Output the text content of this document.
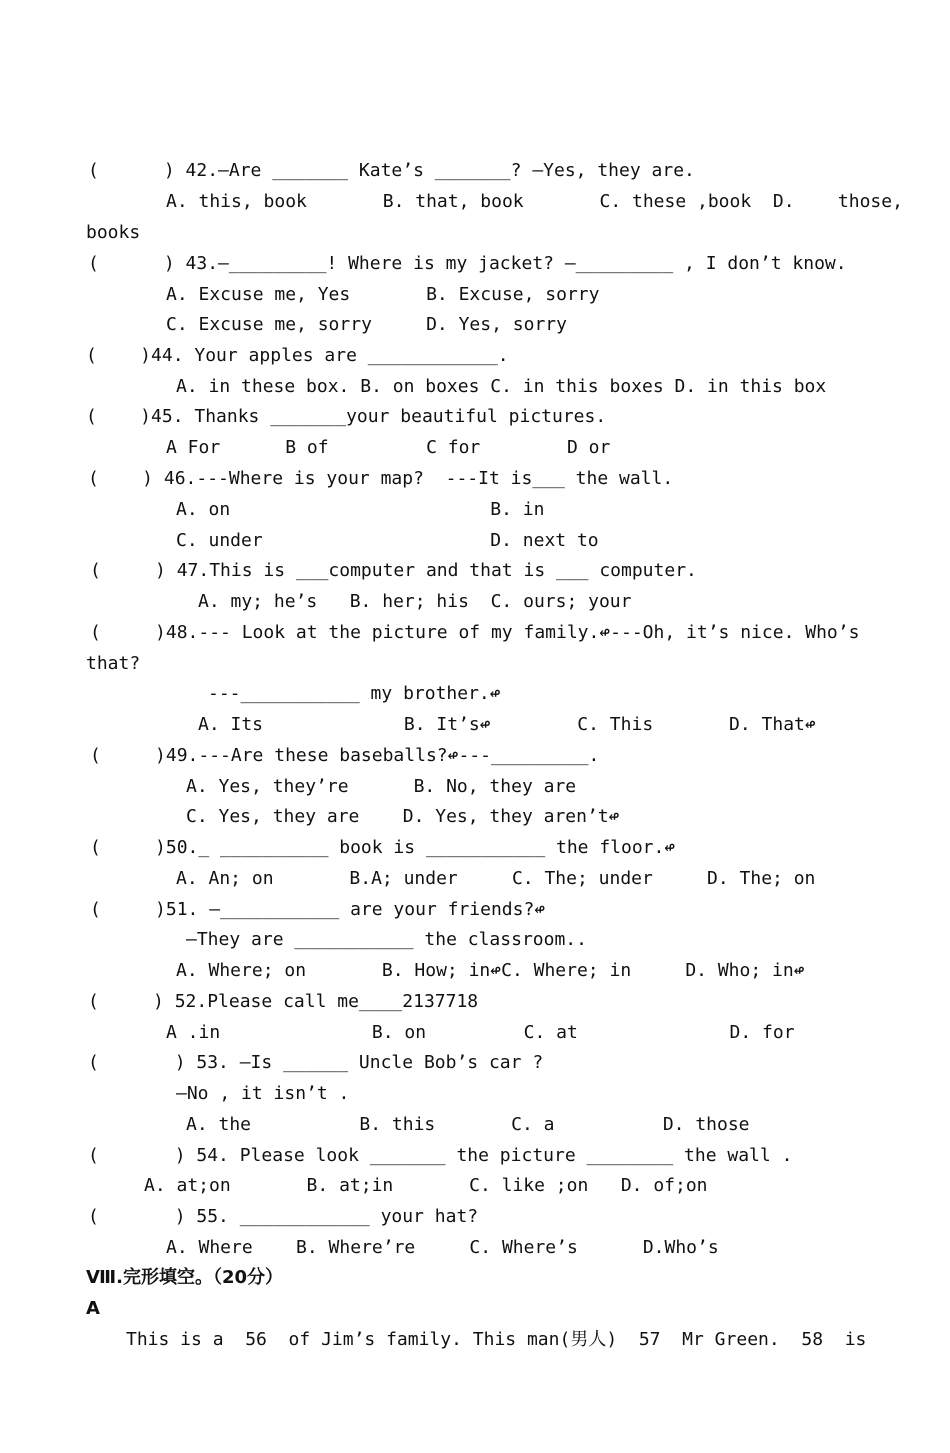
(      ) 42.—Are _______ Kate’s _______? –Yes, they are.
A. this, book       B. that, book       C. these ,book  D.    those,
books
(      ) 43.—_________! Where is my jacket? –_________ , I don’t know.
A. Excuse me, Yes       B. Excuse, sorry
C. Excuse me, sorry     D. Yes, sorry
(    )44. Your apples are ____________.
A. in these box. B. on boxes C. in this boxes D. in this box
(    )45. Thanks _______your beautiful pictures.
A For      B of         C for        D or
(    ) 46.---Where is your map?  ---It is___ the wall.
A. on                        B. in
C. under                     D. next to
(     ) 47.This is ___computer and that is ___ computer.
A. my; he’s   B. her; his  C. ours; your
(     )48.--- Look at the picture of my family.↫---Oh, it’s nice. Who’s
that?
---___________ my brother.↫
A. Its             B. It’s↫        C. This       D. That↫
(     )49.---Are these baseballs?↫---_________.
A. Yes, they’re      B. No, they are
C. Yes, they are    D. Yes, they aren’t↫
(     )50._ __________ book is ___________ the floor.↫
A. An; on       B.A; under     C. The; under     D. The; on
(     )51. —___________ are your friends?↫
—They are ___________ the classroom..
A. Where; on       B. How; in↫C. Where; in     D. Who; in↫
(     ) 52.Please call me____2137718
A .in              B. on         C. at              D. for
(       ) 53. —Is ______ Uncle Bob’s car ?
—No , it isn’t .
A. the          B. this       C. a          D. those
(       ) 54. Please look _______ the picture ________ the wall .
A. at;on       B. at;in       C. like ;on   D. of;on
(       ) 55. ____________ your hat?
A. Where    B. Where’re     C. Where’s      D.Who’s
Ⅷ.完形填空。（20分）
A
This is a  56  of Jim’s family. This man(男人)  57  Mr Green.  58  is
